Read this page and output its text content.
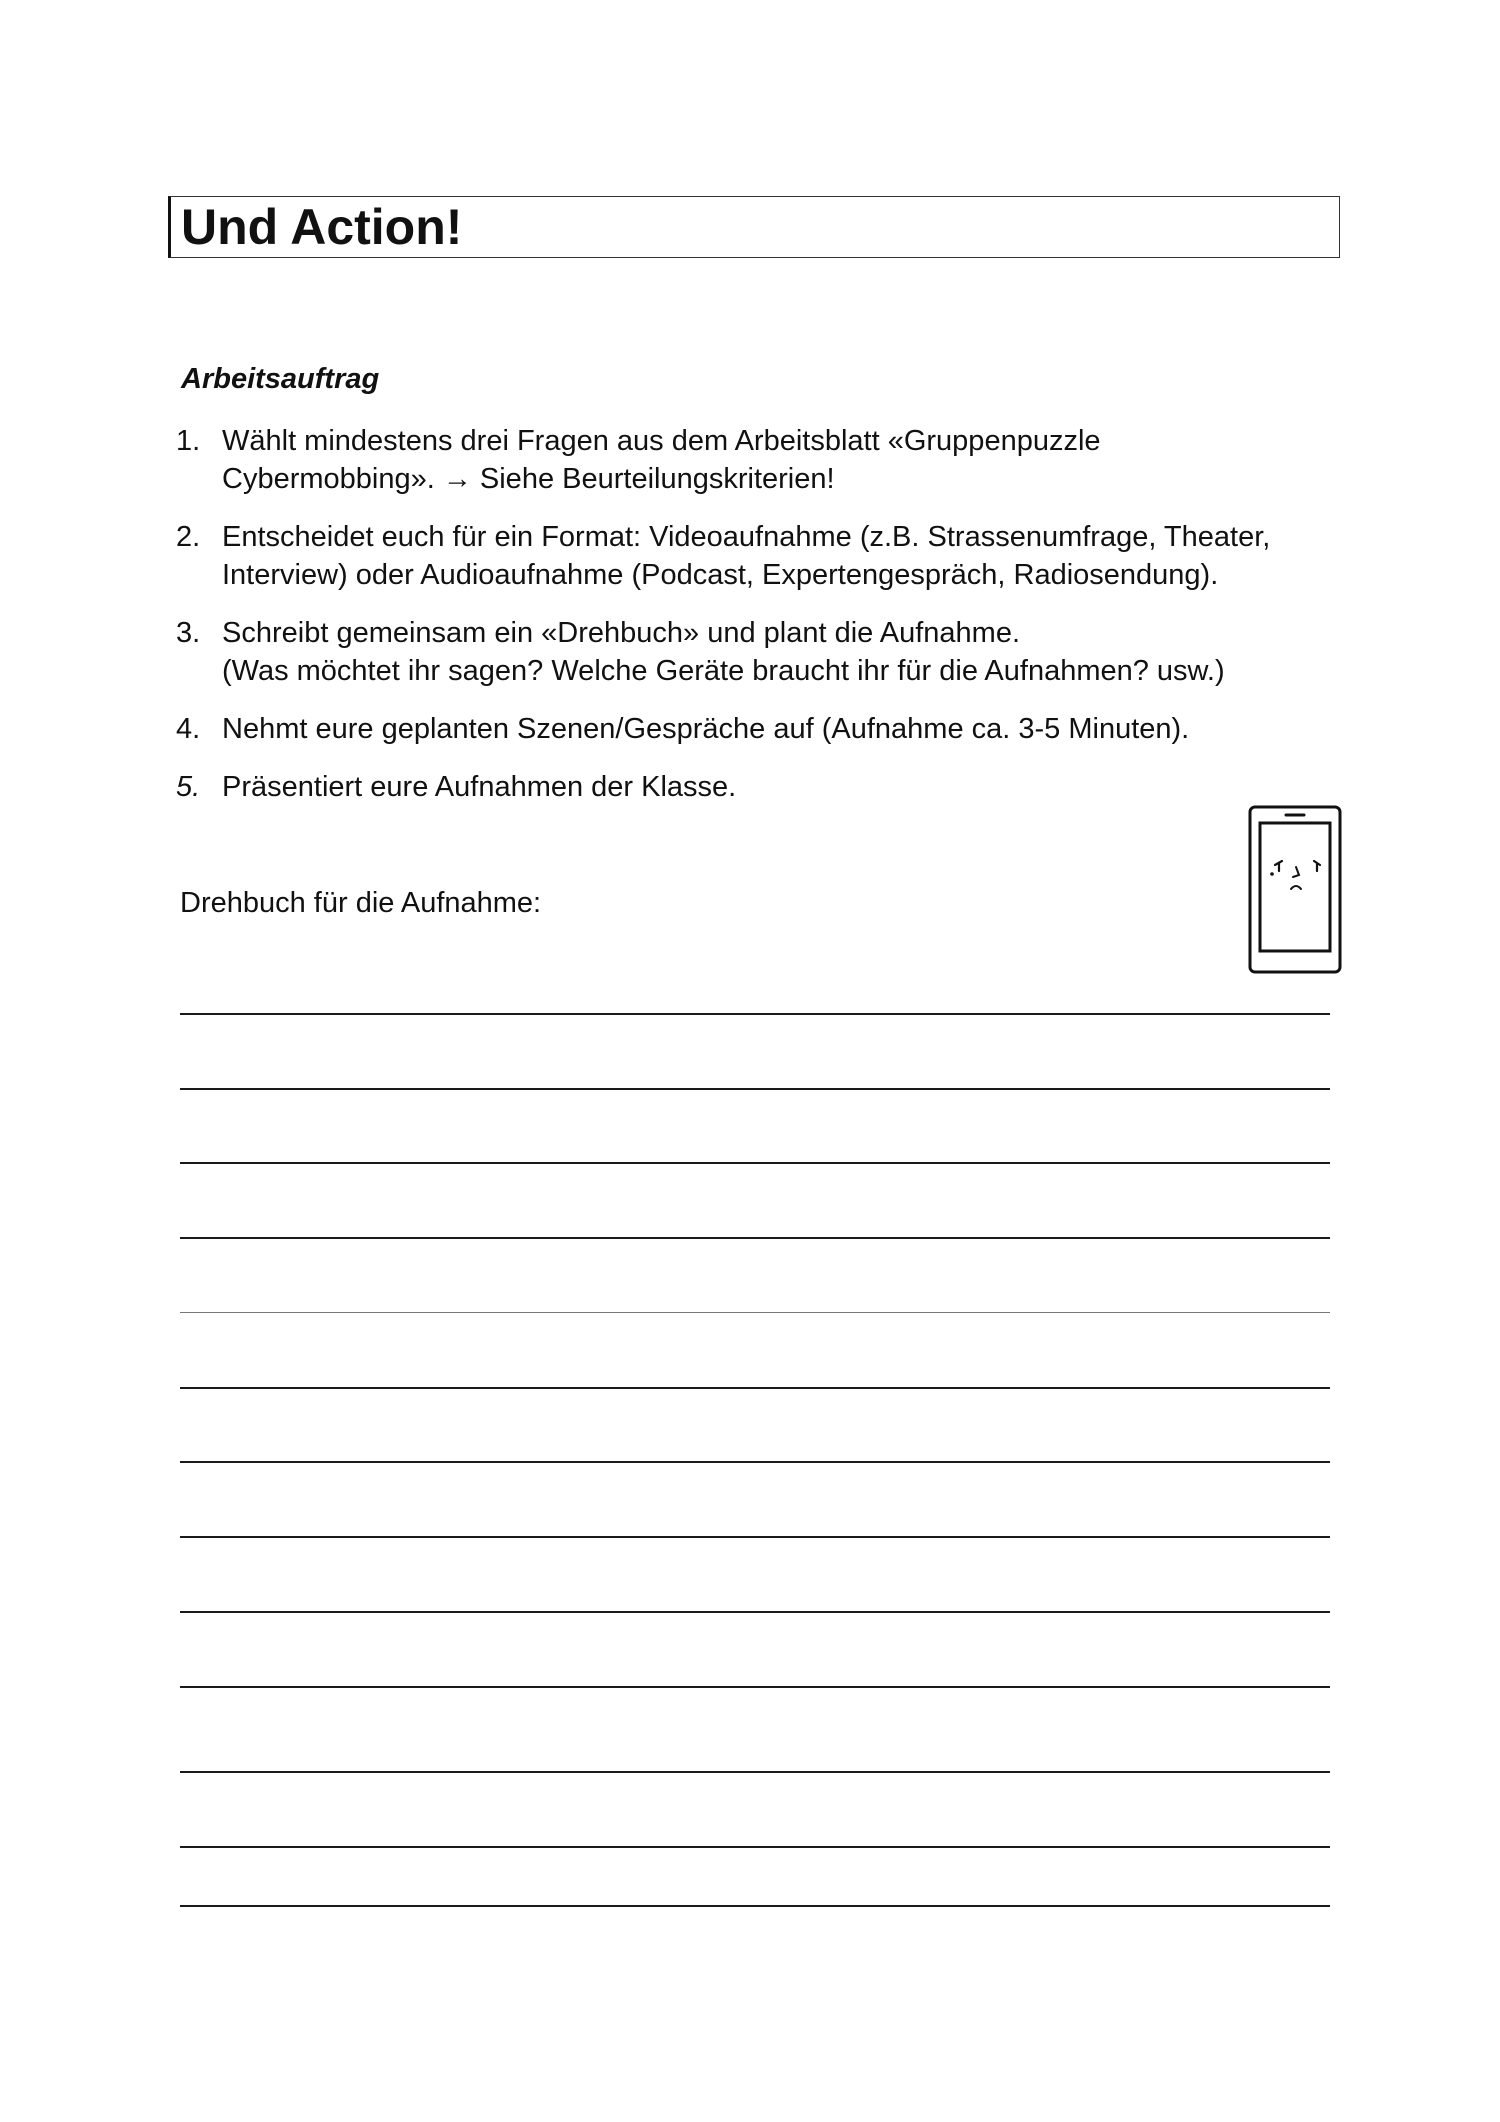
Und Action!

Arbeitsauftrag

1. Wählt mindestens drei Fragen aus dem Arbeitsblatt «Gruppenpuzzle
Cybermobbing». → Siehe Beurteilungskriterien!
2. Entscheidet euch für ein Format: Videoaufnahme (z.B. Strassenumfrage, Theater,
Interview) oder Audioaufnahme (Podcast, Expertengespräch, Radiosendung).
3. Schreibt gemeinsam ein «Drehbuch» und plant die Aufnahme.
(Was möchtet ihr sagen? Welche Geräte braucht ihr für die Aufnahmen? usw.)
4. Nehmt eure geplanten Szenen/Gespräche auf (Aufnahme ca. 3-5 Minuten).
5. Präsentiert eure Aufnahmen der Klasse.
Drehbuch für die Aufnahme:
